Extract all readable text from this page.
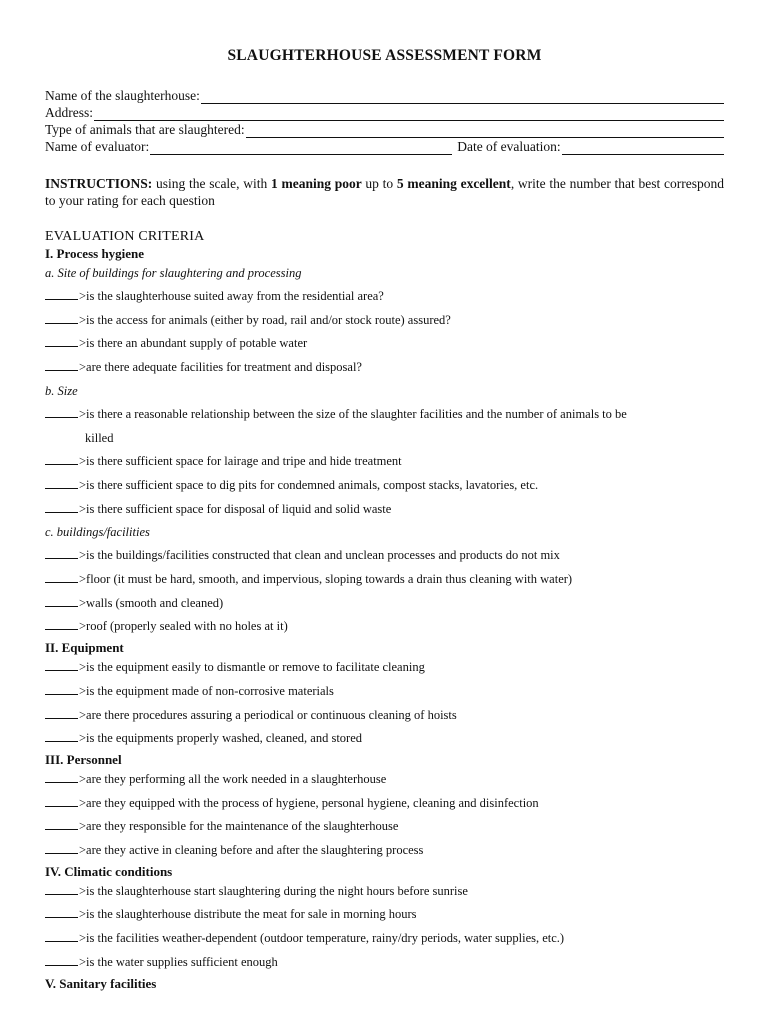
SLAUGHTERHOUSE ASSESSMENT FORM
Name of the slaughterhouse:
Address:
Type of animals that are slaughtered:
Name of evaluator:	Date of evaluation:
INSTRUCTIONS: using the scale, with 1 meaning poor up to 5 meaning excellent, write the number that best correspond to your rating for each question
EVALUATION CRITERIA
I. Process hygiene
a. Site of buildings for slaughtering and processing
>is the slaughterhouse suited away from the residential area?
>is the access for animals (either by road, rail and/or stock route) assured?
>is there an abundant supply of potable water
>are there adequate facilities for treatment and disposal?
b. Size
>is there a reasonable relationship between the size of the slaughter facilities and the number of animals to be
killed
>is there sufficient space for lairage and tripe and hide treatment
>is there sufficient space to dig pits for condemned animals, compost stacks, lavatories, etc.
>is there sufficient space for disposal of liquid and solid waste
c. buildings/facilities
>is the buildings/facilities constructed that clean and unclean processes and products do not mix
>floor (it must be hard, smooth, and impervious, sloping towards a drain thus cleaning with water)
>walls (smooth and cleaned)
>roof (properly sealed with no holes at it)
II. Equipment
>is the equipment easily to dismantle or remove to facilitate cleaning
>is the equipment made of non-corrosive materials
>are there procedures assuring a periodical or continuous cleaning of hoists
>is the equipments properly washed, cleaned, and stored
III. Personnel
>are they performing all the work needed in a slaughterhouse
>are they equipped with the process of hygiene, personal hygiene, cleaning and disinfection
>are they responsible for the maintenance of the slaughterhouse
>are they active in cleaning before and after the slaughtering process
IV. Climatic conditions
>is the slaughterhouse start slaughtering during the night hours before sunrise
>is the slaughterhouse distribute the meat for sale in morning hours
>is the facilities weather-dependent (outdoor temperature, rainy/dry periods, water supplies, etc.)
>is the water supplies sufficient enough
V. Sanitary facilities
